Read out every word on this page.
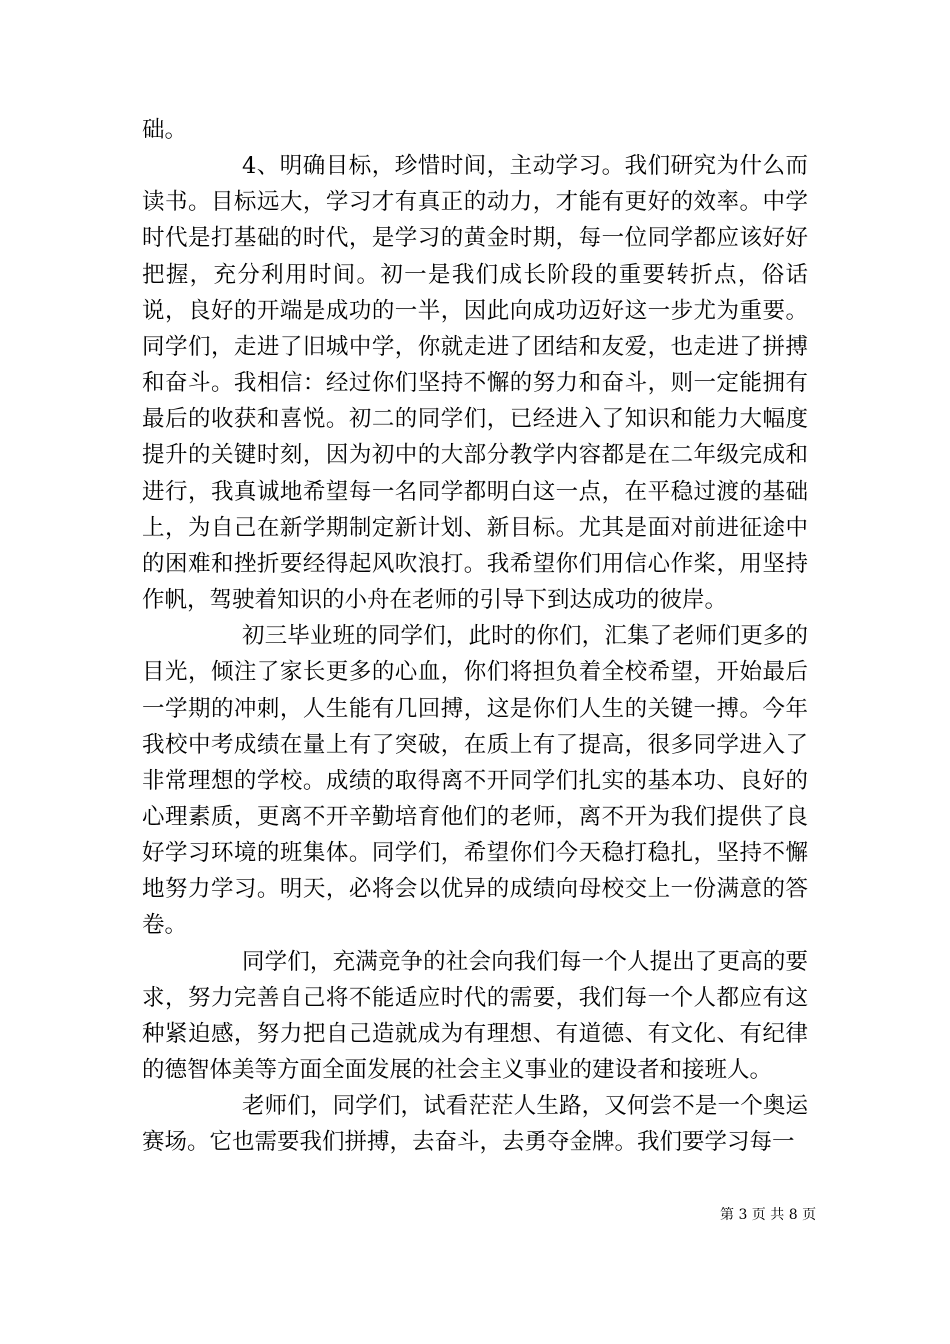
础。

4、明确目标，珍惜时间，主动学习。我们研究为什么而读书。目标远大，学习才有真正的动力，才能有更好的效率。中学时代是打基础的时代，是学习的黄金时期，每一位同学都应该好好把握，充分利用时间。初一是我们成长阶段的重要转折点，俗话说，良好的开端是成功的一半，因此向成功迈好这一步尤为重要。同学们，走进了旧城中学，你就走进了团结和友爱，也走进了拼搏和奋斗。我相信：经过你们坚持不懈的努力和奋斗，则一定能拥有最后的收获和喜悦。初二的同学们，已经进入了知识和能力大幅度提升的关键时刻，因为初中的大部分教学内容都是在二年级完成和进行，我真诚地希望每一名同学都明白这一点，在平稳过渡的基础上，为自己在新学期制定新计划、新目标。尤其是面对前进征途中的困难和挫折要经得起风吹浪打。我希望你们用信心作桨，用坚持作帆，驾驶着知识的小舟在老师的引导下到达成功的彼岸。

初三毕业班的同学们，此时的你们，汇集了老师们更多的目光，倾注了家长更多的心血，你们将担负着全校希望，开始最后一学期的冲刺，人生能有几回搏，这是你们人生的关键一搏。今年我校中考成绩在量上有了突破，在质上有了提高，很多同学进入了非常理想的学校。成绩的取得离不开同学们扎实的基本功、良好的心理素质，更离不开辛勤培育他们的老师，离不开为我们提供了良好学习环境的班集体。同学们，希望你们今天稳打稳扎，坚持不懈地努力学习。明天，必将会以优异的成绩向母校交上一份满意的答卷。

同学们，充满竞争的社会向我们每一个人提出了更高的要求，努力完善自己将不能适应时代的需要，我们每一个人都应有这种紧迫感，努力把自己造就成为有理想、有道德、有文化、有纪律的德智体美等方面全面发展的社会主义事业的建设者和接班人。

老师们，同学们，试看茫茫人生路，又何尝不是一个奥运赛场。它也需要我们拼搏，去奋斗，去勇夺金牌。我们要学习每一

第 3 页 共 8 页
